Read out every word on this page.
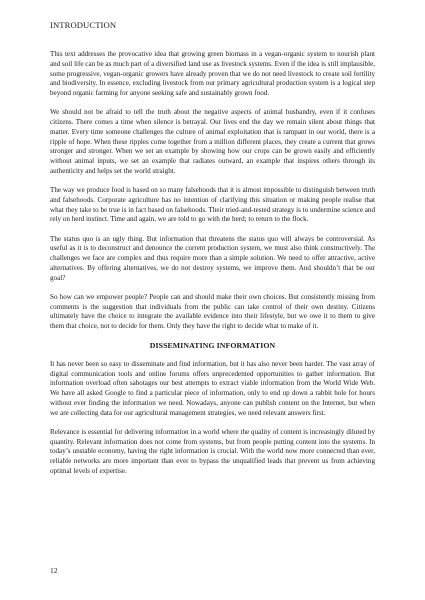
INTRODUCTION

This text addresses the provocative idea that growing green biomass in a vegan-organic system to nourish plant and soil life can be as much part of a diversified land use as livestock systems. Even if the idea is still implausible, some progressive, vegan-organic growers have already proven that we do not need livestock to create soil fertility and biodiversity. In essence, excluding livestock from our primary agricultural production system is a logical step beyond organic farming for anyone seeking safe and sustainably grown food.

We should not be afraid to tell the truth about the negative aspects of animal husbandry, even if it confuses citizens. There comes a time when silence is betrayal. Our lives end the day we remain silent about things that matter. Every time someone challenges the culture of animal exploitation that is rampant in our world, there is a ripple of hope. When these ripples come together from a million different places, they create a current that grows stronger and stronger. When we set an example by showing how our crops can be grown easily and efficiently without animal inputs, we set an example that radiates outward, an example that inspires others through its authenticity and helps set the world straight.

The way we produce food is based on so many falsehoods that it is almost impossible to distinguish between truth and falsehoods. Corporate agriculture has no intention of clarifying this situation or making people realise that what they take to be true is in fact based on falsehoods. Their tried-and-tested strategy is to undermine science and rely on herd instinct. Time and again, we are told to go with the herd; to return to the flock.

The status quo is an ugly thing. But information that threatens the status quo will always be controversial. As useful as it is to deconstruct and denounce the current production system, we must also think constructively. The challenges we face are complex and thus require more than a simple solution. We need to offer attractive, active alternatives. By offering alternatives, we do not destroy systems, we improve them. And shouldn’t that be our goal?

So how can we empower people? People can and should make their own choices. But consistently missing from comments is the suggestion that individuals from the public can take control of their own destiny. Citizens ultimately have the choice to integrate the available evidence into their lifestyle, but we owe it to them to give them that choice, not to decide for them. Only they have the right to decide what to make of it.

DISSEMINATING INFORMATION

It has never been so easy to disseminate and find information, but it has also never been harder. The vast array of digital communication tools and online forums offers unprecedented opportunities to gather information. But information overload often sabotages our best attempts to extract viable information from the World Wide Web. We have all asked Google to find a particular piece of information, only to end up down a rabbit hole for hours without ever finding the information we need. Nowadays, anyone can publish content on the Internet, but when we are collecting data for our agricultural management strategies, we need relevant answers first.

Relevance is essential for delivering information in a world where the quality of content is increasingly diluted by quantity. Relevant information does not come from systems, but from people putting content into the systems. In today’s unstable economy, having the right information is crucial. With the world now more connected than ever, reliable networks are more important than ever to bypass the unqualified leads that prevent us from achieving optimal levels of expertise.

12
